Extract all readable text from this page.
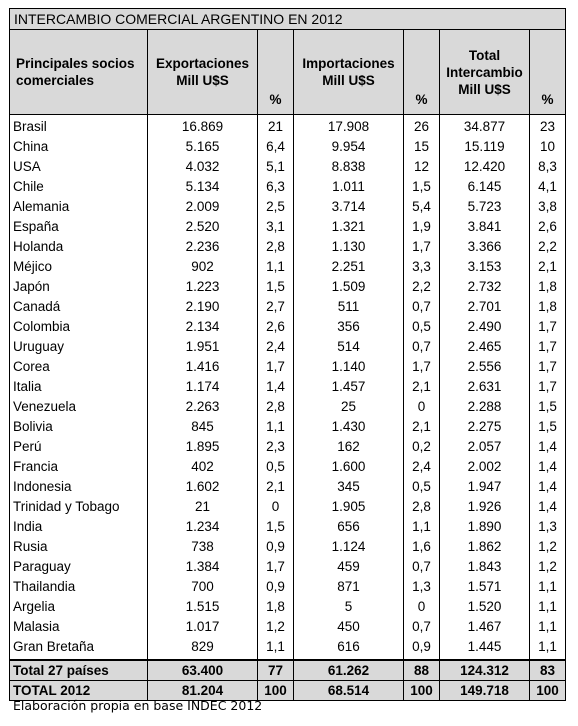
INTERCAMBIO COMERCIAL ARGENTINO EN 2012						
Principales socios comerciales	Exportaciones Mill U$S	%	Importaciones Mill U$S	%	Total Intercambio Mill U$S	%
Brasil	16.869	21	17.908	26	34.877	23
China	5.165	6,4	9.954	15	15.119	10
USA	4.032	5,1	8.838	12	12.420	8,3
Chile	5.134	6,3	1.011	1,5	6.145	4,1
Alemania	2.009	2,5	3.714	5,4	5.723	3,8
España	2.520	3,1	1.321	1,9	3.841	2,6
Holanda	2.236	2,8	1.130	1,7	3.366	2,2
Méjico	902	1,1	2.251	3,3	3.153	2,1
Japón	1.223	1,5	1.509	2,2	2.732	1,8
Canadá	2.190	2,7	511	0,7	2.701	1,8
Colombia	2.134	2,6	356	0,5	2.490	1,7
Uruguay	1.951	2,4	514	0,7	2.465	1,7
Corea	1.416	1,7	1.140	1,7	2.556	1,7
Italia	1.174	1,4	1.457	2,1	2.631	1,7
Venezuela	2.263	2,8	25	0	2.288	1,5
Bolivia	845	1,1	1.430	2,1	2.275	1,5
Perú	1.895	2,3	162	0,2	2.057	1,4
Francia	402	0,5	1.600	2,4	2.002	1,4
Indonesia	1.602	2,1	345	0,5	1.947	1,4
Trinidad y Tobago	21	0	1.905	2,8	1.926	1,4
India	1.234	1,5	656	1,1	1.890	1,3
Rusia	738	0,9	1.124	1,6	1.862	1,2
Paraguay	1.384	1,7	459	0,7	1.843	1,2
Thailandia	700	0,9	871	1,3	1.571	1,1
Argelia	1.515	1,8	5	0	1.520	1,1
Malasia	1.017	1,2	450	0,7	1.467	1,1
Gran Bretaña	829	1,1	616	0,9	1.445	1,1
Total 27 países	63.400	77	61.262	88	124.312	83
TOTAL 2012	81.204	100	68.514	100	149.718	100
Elaboración propia en base INDEC 2012
